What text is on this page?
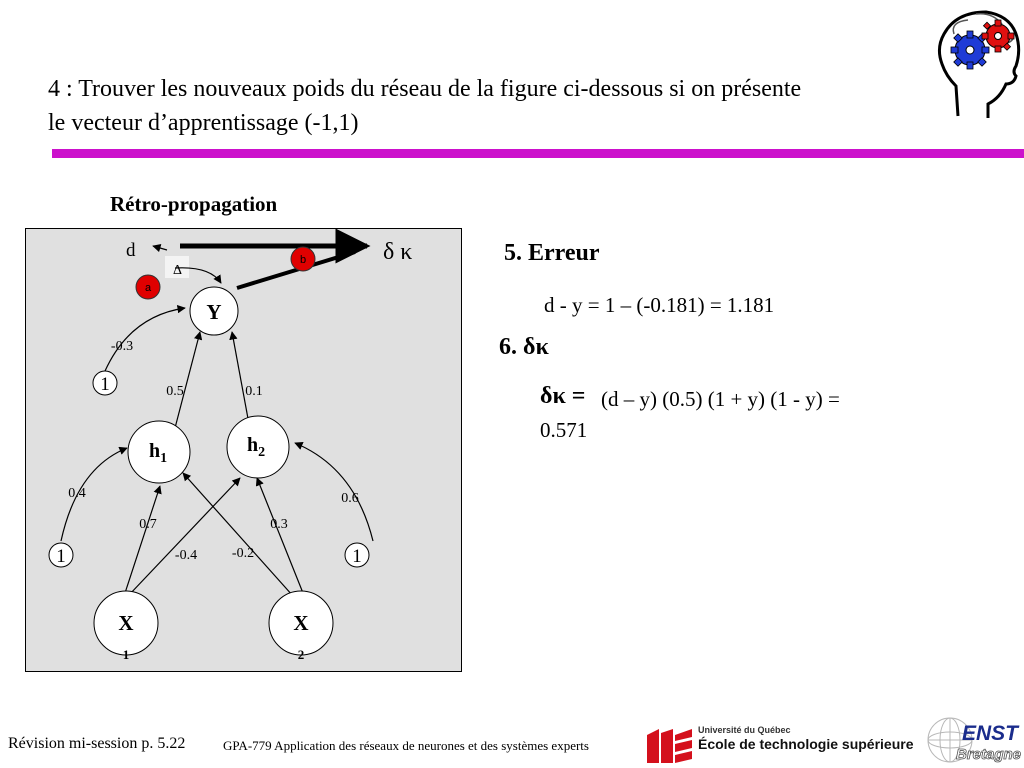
4 : Trouver les nouveaux poids du réseau de la figure ci-dessous si on présente
le vecteur d’apprentissage (-1,1)
Rétro-propagation
d
Δ
δ κ
a
b
Y
$h_1$
$h_2$
X
1
X
2
1
1	1
-0.3
0.5	0.1
0.4	0.6
0.7	0.3
-0.4 -0.2
5. Erreur
d - y = 1 – (-0.181) = 1.181
6. δκ
δκ = (d – y) (0.5) (1 + y) (1 - y) =
0.571
Révision mi-session p. 5.22	GPA-779 Application des réseaux de neurones et des systèmes experts
Université du Québec
École de technologie supérieure ENST
Bretagne
